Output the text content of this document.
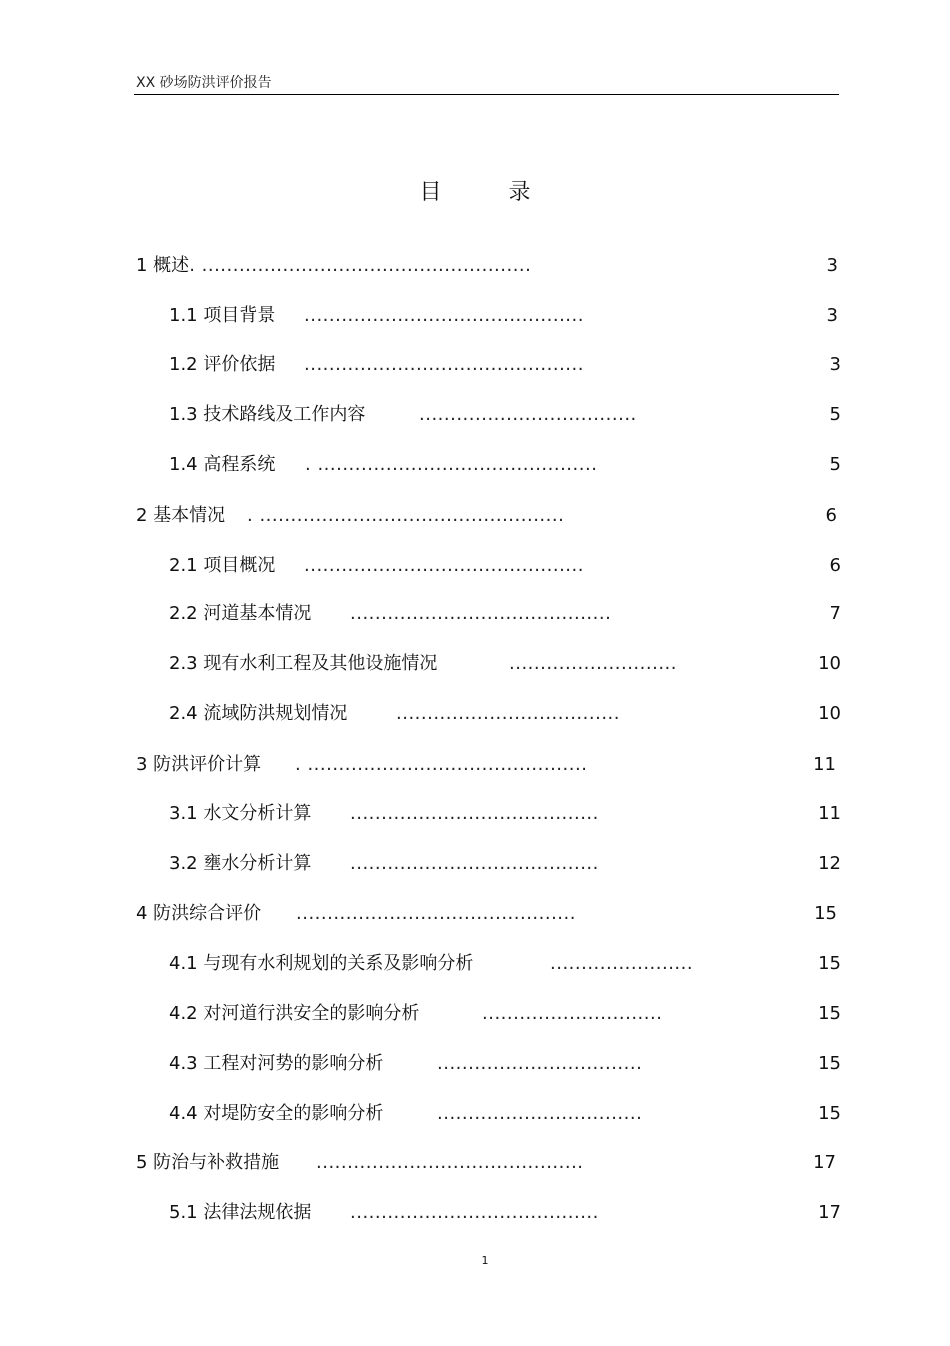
XX 砂场防洪评价报告
目 录
1 概述. .....................................................	3
1.1 项目背景 .............................................	3
1.2 评价依据 .............................................	3
1.3 技术路线及工作内容	...................................	5
1.4 高程系统 . .............................................	5
2 基本情况 . .................................................	6
2.1 项目概况 .............................................	6
2.2 河道基本情况 ..........................................	7
2.3 现有水利工程及其他设施情况	...........................	10
2.4 流域防洪规划情况	....................................	10
3 防洪评价计算 . .............................................	11
3.1 水文分析计算 ........................................	11
3.2 壅水分析计算 ........................................	12
4 防洪综合评价 .............................................	15
4.1 与现有水利规划的关系及影响分析	.......................	15
4.2 对河道行洪安全的影响分析	.............................	15
4.3 工程对河势的影响分析	.................................	15
4.4 对堤防安全的影响分析	.................................	15
5 防治与补救措施 ...........................................	17
5.1 法律法规依据 ........................................	17
1
